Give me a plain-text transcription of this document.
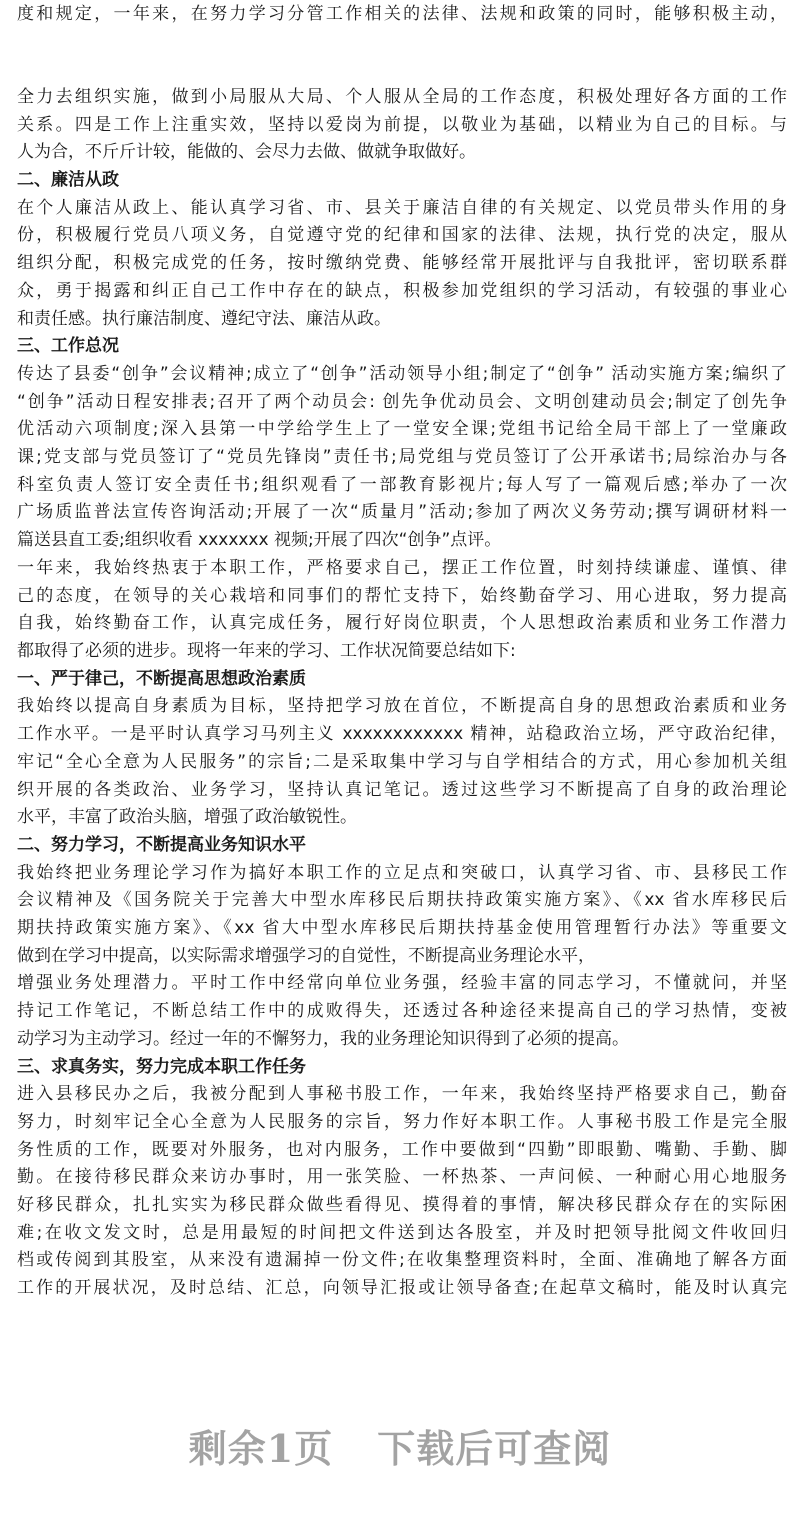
度和规定，一年来，在努力学习分管工作相关的法律、法规和政策的同时，能够积极主动，
全力去组织实施，做到小局服从大局、个人服从全局的工作态度，积极处理好各方面的工作
关系。四是工作上注重实效，坚持以爱岗为前提，以敬业为基础，以精业为自己的目标。与
人为合，不斤斤计较，能做的、会尽力去做、做就争取做好。
二、廉洁从政
在个人廉洁从政上、能认真学习省、市、县关于廉洁自律的有关规定、以党员带头作用的身
份，积极履行党员八项义务，自觉遵守党的纪律和国家的法律、法规，执行党的决定，服从
组织分配，积极完成党的任务，按时缴纳党费、能够经常开展批评与自我批评，密切联系群
众，勇于揭露和纠正自己工作中存在的缺点，积极参加党组织的学习活动，有较强的事业心
和责任感。执行廉洁制度、遵纪守法、廉洁从政。
三、工作总况
传达了县委“创争”会议精神;成立了“创争”活动领导小组;制定了“创争” 活动实施方案;编织了
“创争”活动日程安排表;召开了两个动员会: 创先争优动员会、文明创建动员会;制定了创先争
优活动六项制度;深入县第一中学给学生上了一堂安全课;党组书记给全局干部上了一堂廉政
课;党支部与党员签订了“党员先锋岗”责任书;局党组与党员签订了公开承诺书;局综治办与各
科室负责人签订安全责任书;组织观看了一部教育影视片;每人写了一篇观后感;举办了一次
广场质监普法宣传咨询活动;开展了一次“质量月”活动;参加了两次义务劳动;撰写调研材料一
篇送县直工委;组织收看 xxxxxxx 视频;开展了四次“创争”点评。
一年来，我始终热衷于本职工作，严格要求自己，摆正工作位置，时刻持续谦虚、谨慎、律
己的态度，在领导的关心栽培和同事们的帮忙支持下，始终勤奋学习、用心进取，努力提高
自我，始终勤奋工作，认真完成任务，履行好岗位职责，个人思想政治素质和业务工作潜力
都取得了必须的进步。现将一年来的学习、工作状况简要总结如下:
一、严于律己，不断提高思想政治素质
我始终以提高自身素质为目标，坚持把学习放在首位，不断提高自身的思想政治素质和业务
工作水平。一是平时认真学习马列主义 xxxxxxxxxxxx 精神，站稳政治立场，严守政治纪律，
牢记“全心全意为人民服务”的宗旨;二是采取集中学习与自学相结合的方式，用心参加机关组
织开展的各类政治、业务学习，坚持认真记笔记。透过这些学习不断提高了自身的政治理论
水平，丰富了政治头脑，增强了政治敏锐性。
二、努力学习，不断提高业务知识水平
我始终把业务理论学习作为搞好本职工作的立足点和突破口，认真学习省、市、县移民工作
会议精神及《国务院关于完善大中型水库移民后期扶持政策实施方案》、《xx 省水库移民后
期扶持政策实施方案》、《xx 省大中型水库移民后期扶持基金使用管理暂行办法》等重要文
做到在学习中提高，以实际需求增强学习的自觉性，不断提高业务理论水平，
增强业务处理潜力。平时工作中经常向单位业务强，经验丰富的同志学习，不懂就问，并坚
持记工作笔记，不断总结工作中的成败得失，还透过各种途径来提高自己的学习热情，变被
动学习为主动学习。经过一年的不懈努力，我的业务理论知识得到了必须的提高。
三、求真务实，努力完成本职工作任务
进入县移民办之后，我被分配到人事秘书股工作，一年来，我始终坚持严格要求自己，勤奋
努力，时刻牢记全心全意为人民服务的宗旨，努力作好本职工作。人事秘书股工作是完全服
务性质的工作，既要对外服务，也对内服务，工作中要做到“四勤”即眼勤、嘴勤、手勤、脚
勤。在接待移民群众来访办事时，用一张笑脸、一杯热茶、一声问候、一种耐心用心地服务
好移民群众，扎扎实实为移民群众做些看得见、摸得着的事情，解决移民群众存在的实际困
难;在收文发文时，总是用最短的时间把文件送到达各股室，并及时把领导批阅文件收回归
档或传阅到其股室，从来没有遗漏掉一份文件;在收集整理资料时，全面、准确地了解各方面
工作的开展状况，及时总结、汇总，向领导汇报或让领导备查;在起草文稿时，能及时认真完
剩余1页 下载后可查阅
